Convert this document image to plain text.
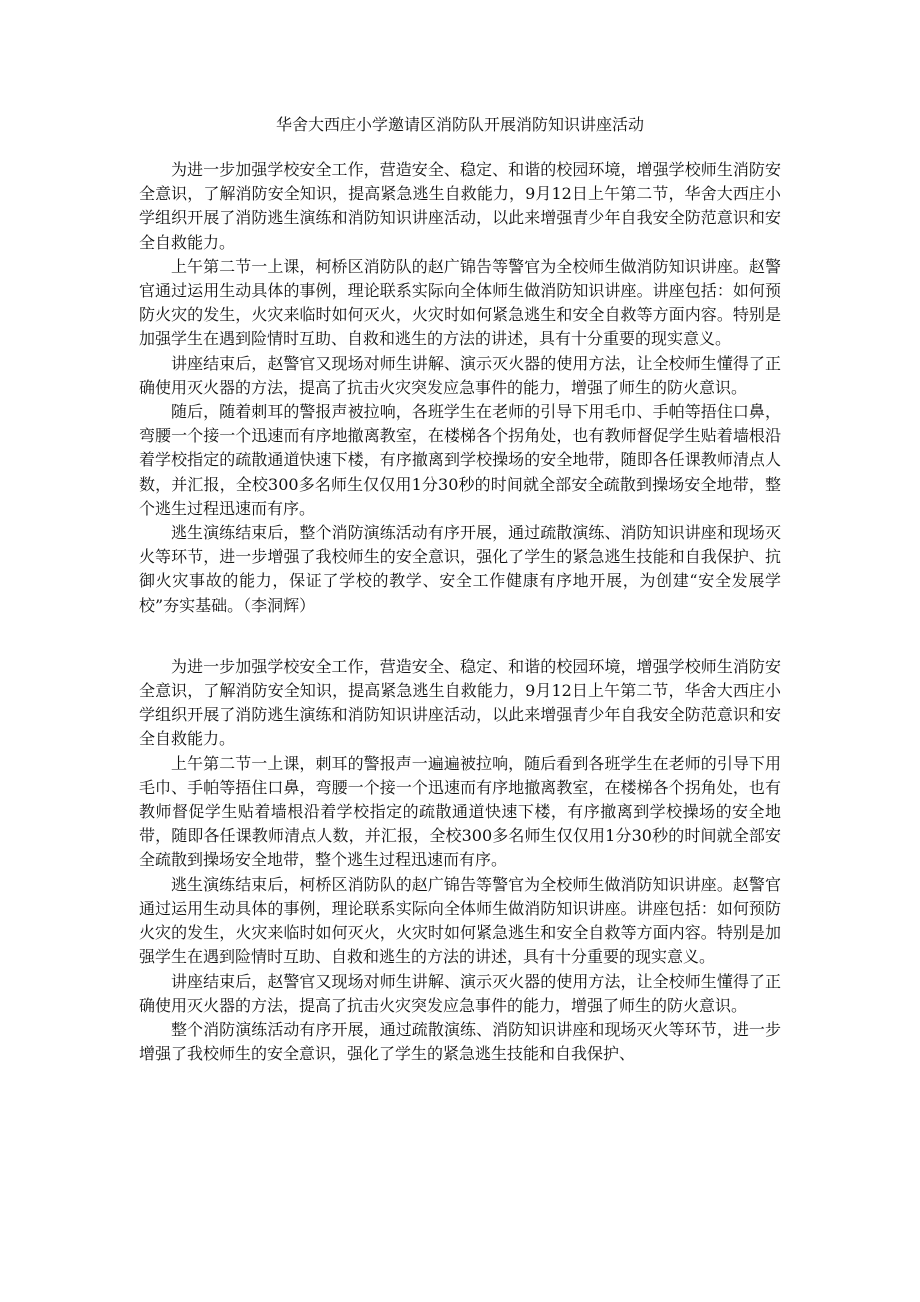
华舍大西庄小学邀请区消防队开展消防知识讲座活动

为进一步加强学校安全工作，营造安全、稳定、和谐的校园环境，增强学校师生消防安全意识，了解消防安全知识，提高紧急逃生自救能力，9月12日上午第二节，华舍大西庄小学组织开展了消防逃生演练和消防知识讲座活动，以此来增强青少年自我安全防范意识和安全自救能力。

上午第二节一上课，柯桥区消防队的赵广锦告等警官为全校师生做消防知识讲座。赵警官通过运用生动具体的事例，理论联系实际向全体师生做消防知识讲座。讲座包括：如何预防火灾的发生，火灾来临时如何灭火，火灾时如何紧急逃生和安全自救等方面内容。特别是加强学生在遇到险情时互助、自救和逃生的方法的讲述，具有十分重要的现实意义。

讲座结束后，赵警官又现场对师生讲解、演示灭火器的使用方法，让全校师生懂得了正确使用灭火器的方法，提高了抗击火灾突发应急事件的能力，增强了师生的防火意识。

随后，随着刺耳的警报声被拉响，各班学生在老师的引导下用毛巾、手帕等捂住口鼻，弯腰一个接一个迅速而有序地撤离教室，在楼梯各个拐角处，也有教师督促学生贴着墙根沿着学校指定的疏散通道快速下楼，有序撤离到学校操场的安全地带，随即各任课教师清点人数，并汇报，全校300多名师生仅仅用1分30秒的时间就全部安全疏散到操场安全地带，整个逃生过程迅速而有序。

逃生演练结束后，整个消防演练活动有序开展，通过疏散演练、消防知识讲座和现场灭火等环节，进一步增强了我校师生的安全意识，强化了学生的紧急逃生技能和自我保护、抗御火灾事故的能力，保证了学校的教学、安全工作健康有序地开展，为创建“安全发展学校”夯实基础。（李洞辉）

为进一步加强学校安全工作，营造安全、稳定、和谐的校园环境，增强学校师生消防安全意识，了解消防安全知识，提高紧急逃生自救能力，9月12日上午第二节，华舍大西庄小学组织开展了消防逃生演练和消防知识讲座活动，以此来增强青少年自我安全防范意识和安全自救能力。

上午第二节一上课，刺耳的警报声一遍遍被拉响，随后看到各班学生在老师的引导下用毛巾、手帕等捂住口鼻，弯腰一个接一个迅速而有序地撤离教室，在楼梯各个拐角处，也有教师督促学生贴着墙根沿着学校指定的疏散通道快速下楼，有序撤离到学校操场的安全地带，随即各任课教师清点人数，并汇报，全校300多名师生仅仅用1分30秒的时间就全部安全疏散到操场安全地带，整个逃生过程迅速而有序。

逃生演练结束后，柯桥区消防队的赵广锦告等警官为全校师生做消防知识讲座。赵警官通过运用生动具体的事例，理论联系实际向全体师生做消防知识讲座。讲座包括：如何预防火灾的发生，火灾来临时如何灭火，火灾时如何紧急逃生和安全自救等方面内容。特别是加强学生在遇到险情时互助、自救和逃生的方法的讲述，具有十分重要的现实意义。

讲座结束后，赵警官又现场对师生讲解、演示灭火器的使用方法，让全校师生懂得了正确使用灭火器的方法，提高了抗击火灾突发应急事件的能力，增强了师生的防火意识。

整个消防演练活动有序开展，通过疏散演练、消防知识讲座和现场灭火等环节，进一步增强了我校师生的安全意识，强化了学生的紧急逃生技能和自我保护、
